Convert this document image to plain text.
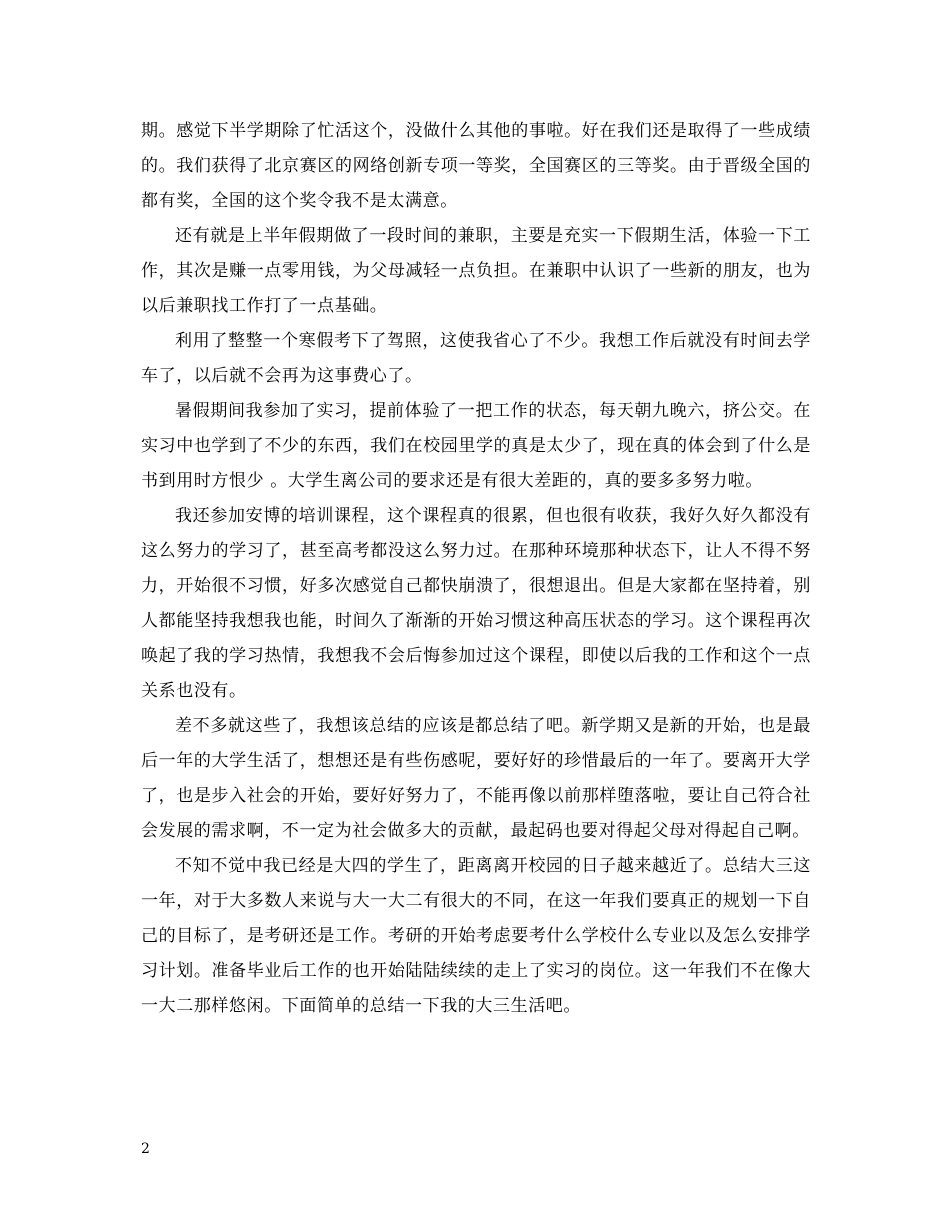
期。感觉下半学期除了忙活这个，没做什么其他的事啦。好在我们还是取得了一些成绩的。我们获得了北京赛区的网络创新专项一等奖，全国赛区的三等奖。由于晋级全国的都有奖，全国的这个奖令我不是太满意。

还有就是上半年假期做了一段时间的兼职，主要是充实一下假期生活，体验一下工作，其次是赚一点零用钱，为父母减轻一点负担。在兼职中认识了一些新的朋友，也为以后兼职找工作打了一点基础。

利用了整整一个寒假考下了驾照，这使我省心了不少。我想工作后就没有时间去学车了，以后就不会再为这事费心了。

暑假期间我参加了实习，提前体验了一把工作的状态，每天朝九晚六，挤公交。在实习中也学到了不少的东西，我们在校园里学的真是太少了，现在真的体会到了什么是 书到用时方恨少 。大学生离公司的要求还是有很大差距的，真的要多多努力啦。

我还参加安博的培训课程，这个课程真的很累，但也很有收获，我好久好久都没有这么努力的学习了，甚至高考都没这么努力过。在那种环境那种状态下，让人不得不努力，开始很不习惯，好多次感觉自己都快崩溃了，很想退出。但是大家都在坚持着，别人都能坚持我想我也能，时间久了渐渐的开始习惯这种高压状态的学习。这个课程再次唤起了我的学习热情，我想我不会后悔参加过这个课程，即使以后我的工作和这个一点关系也没有。

差不多就这些了，我想该总结的应该是都总结了吧。新学期又是新的开始，也是最后一年的大学生活了，想想还是有些伤感呢，要好好的珍惜最后的一年了。要离开大学了，也是步入社会的开始，要好好努力了，不能再像以前那样堕落啦，要让自己符合社会发展的需求啊，不一定为社会做多大的贡献，最起码也要对得起父母对得起自己啊。

不知不觉中我已经是大四的学生了，距离离开校园的日子越来越近了。总结大三这一年，对于大多数人来说与大一大二有很大的不同，在这一年我们要真正的规划一下自己的目标了，是考研还是工作。考研的开始考虑要考什么学校什么专业以及怎么安排学习计划。准备毕业后工作的也开始陆陆续续的走上了实习的岗位。这一年我们不在像大一大二那样悠闲。下面简单的总结一下我的大三生活吧。

2
